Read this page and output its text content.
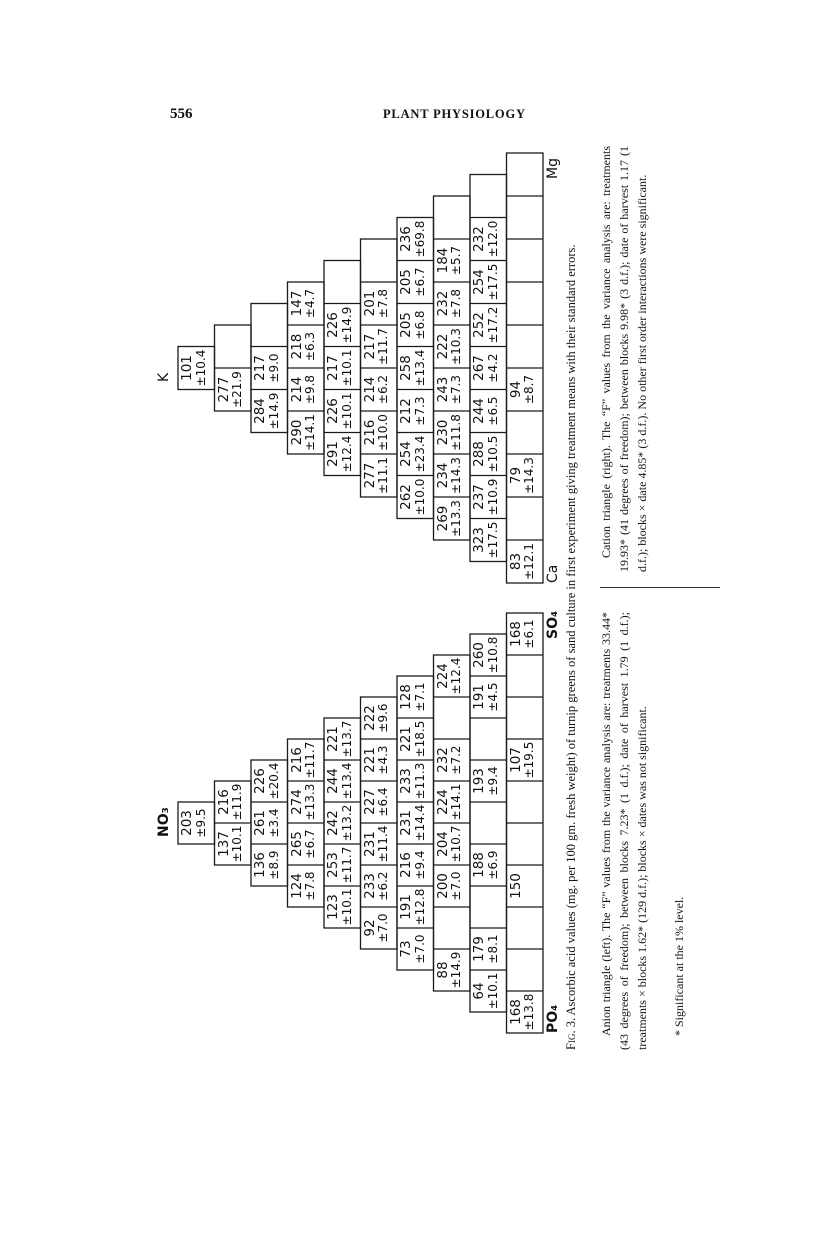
556	PLANT PHYSIOLOGY
203
±9.5
137
±10.1
216
±11.9
136
±8.9
261
±3.4
226
±20.4
124
±7.8
265
±6.7
274
±13.3
216
±11.7
123
±10.1
253
±11.7
242
±13.2
244
±13.4
221
±13.7
92
±7.0
233
±6.2
231
±11.4
227
±6.4
221
±4.3
222
±9.6
73
±7.0
191
±12.8
216
±9.4
231
±14.4
233
±11.3
221
±18.5
128
±7.1
88
±14.9
200
±7.0
204
±10.7
224
±14.1
232
±7.2
224
±12.4
64
±10.1
179
±8.1
188
±6.9
193
±9.4
191
±4.5
260
±10.8
168
±13.8
150
107
±19.5
168
±6.1
NO₃
PO₄
SO₄
101
±10.4
277
±21.9
284
±14.9
217
±9.0
290
±14.1
214
±9.8
218
±6.3
147
±4.7
291
±12.4
226
±10.1
217
±10.1
226
±14.9
277
±11.1
216
±10.0
214
±6.2
217
±11.7
201
±7.8
262
±10.0
254
±23.4
212
±7.3
258
±13.4
205
±6.8
205
±6.7
236
±69.8
269
±13.3
234
±14.3
230
±11.8
243
±7.3
222
±10.3
232
±7.8
184
±5.7
323
±17.5
237
±10.9
288
±10.5
244
±6.5
267
±4.2
252
±17.2
254
±17.5
232
±12.0
83
±12.1
79
±14.3
94
±8.7
K
Ca
Mg
Fig. 3. Ascorbic acid values (mg. per 100 gm. fresh weight) of turnip greens of sand culture in first experiment giving treatment means with their standard errors. Anion triangle (left). The “F” values from the variance analysis are: treatments 33.44* (43 degrees of freedom); between blocks 7.23* (1 d.f.); date of harvest 1.79 (1 d.f.); treatments × blocks 1.62* (129 d.f.); blocks × dates was not significant.
Cation triangle (right). The “F” values from the variance analysis are: treatments 19.93* (41 degrees of freedom); between blocks 9.98* (3 d.f.); date of harvest 1.17 (1 d.f.); blocks × date 4.85* (3 d.f.). No other first order interactions were significant.
* Significant at the 1% level.
